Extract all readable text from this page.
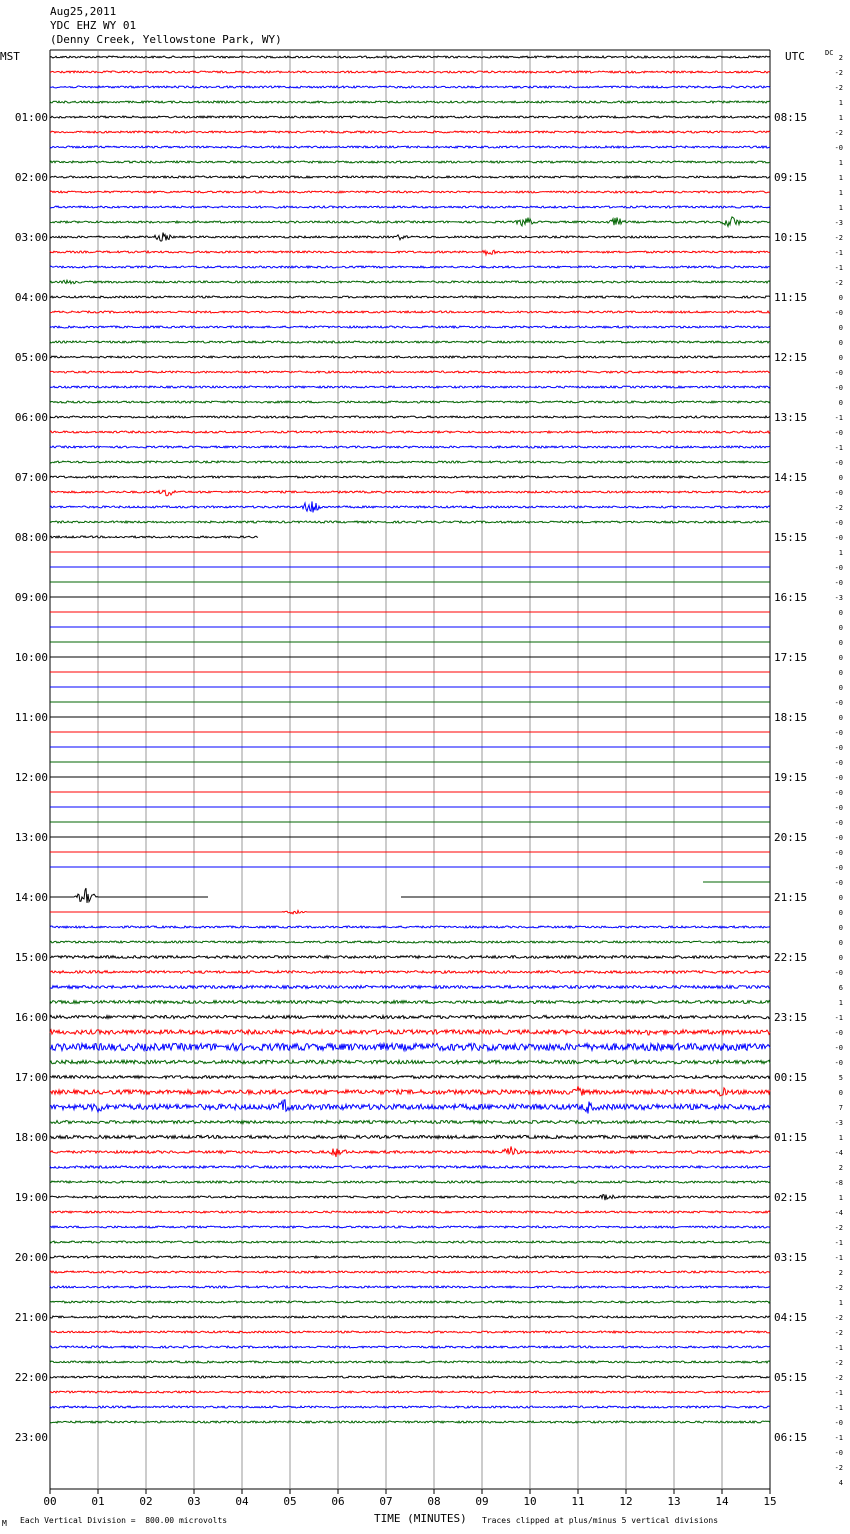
Aug25,2011
YDC EHZ WY 01
(Denny Creek, Yellowstone Park, WY)
MST	UTC	DC
00	01	02	03	04	05	06	07	08	09	10	11	12	13	14	15
2
-2
-2
1
1
-2
-0
1
1
1
1
-3
-2
-1
-1
-2
0
-0
0
0
0
-0
-0
0
-1
-0
-1
-0
0
-0
-2
-0
-0
1
-0
-0
-3
0
0
0
0
0
0
-0
0
-0
-0
-0
-0
-0
-0
-0
-0
-0
-0
-0
0
0
0
0
0
-0
6
1
-1
-0
-0
-0
5
0
7
-3
1
-4
2
-8
1
-4
-2
-1
-1
2
-2
1
-2
-2
-1
-2
-2
-1
-1
-0
-1
-0
-2
4
01:00
02:00
03:00
04:00
05:00
06:00
07:00
08:00
09:00
10:00
11:00
12:00
13:00
14:00
15:00
16:00
17:00
18:00
19:00
20:00
21:00
22:00
23:00
08:15
09:15
10:15
11:15
12:15
13:15
14:15
15:15
16:15
17:15
18:15
19:15
20:15
21:15
22:15
23:15
00:15
01:15
02:15
03:15
04:15
05:15
06:15
M Each Vertical Division =  800.00 microvolts	TIME (MINUTES) Traces clipped at plus/minus 5 vertical divisions
